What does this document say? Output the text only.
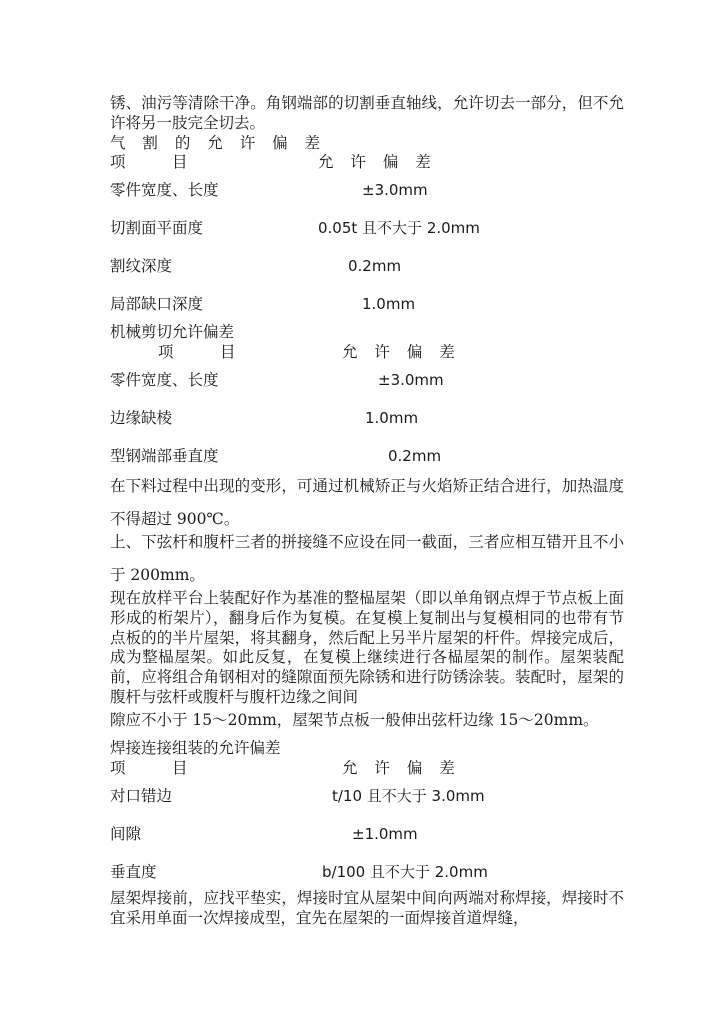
锈、油污等清除干净。角钢端部的切割垂直轴线，允许切去一部分，但不允许将另一肢完全切去。
气 割 的 允 许 偏 差
项　　　目	允 许 偏 差
零件宽度、长度	±3.0mm
切割面平面度	0.05t 且不大于 2.0mm
割纹深度	0.2mm
局部缺口深度	1.0mm
机械剪切允许偏差
项　　　目	允 许 偏 差
零件宽度、长度	±3.0mm
边缘缺棱	1.0mm
型钢端部垂直度	0.2mm
在下料过程中出现的变形，可通过机械矫正与火焰矫正结合进行，加热温度不得超过 900℃。
上、下弦杆和腹杆三者的拼接缝不应设在同一截面，三者应相互错开且不小于 200mm。
现在放样平台上装配好作为基准的整榀屋架（即以单角钢点焊于节点板上面形成的桁架片），翻身后作为复模。在复模上复制出与复模相同的也带有节点板的的半片屋架，将其翻身，然后配上另半片屋架的杆件。焊接完成后，成为整榀屋架。如此反复，在复模上继续进行各榀屋架的制作。屋架装配前，应将组合角钢相对的缝隙面预先除锈和进行防锈涂装。装配时，屋架的腹杆与弦杆或腹杆与腹杆边缘之间间
隙应不小于 15～20mm，屋架节点板一般伸出弦杆边缘 15～20mm。
焊接连接组装的允许偏差
项　　　目	允 许 偏 差
对口错边	t/10 且不大于 3.0mm
间隙	±1.0mm
垂直度	b/100 且不大于 2.0mm
屋架焊接前，应找平垫实，焊接时宜从屋架中间向两端对称焊接，焊接时不宜采用单面一次焊接成型，宜先在屋架的一面焊接首道焊缝，
